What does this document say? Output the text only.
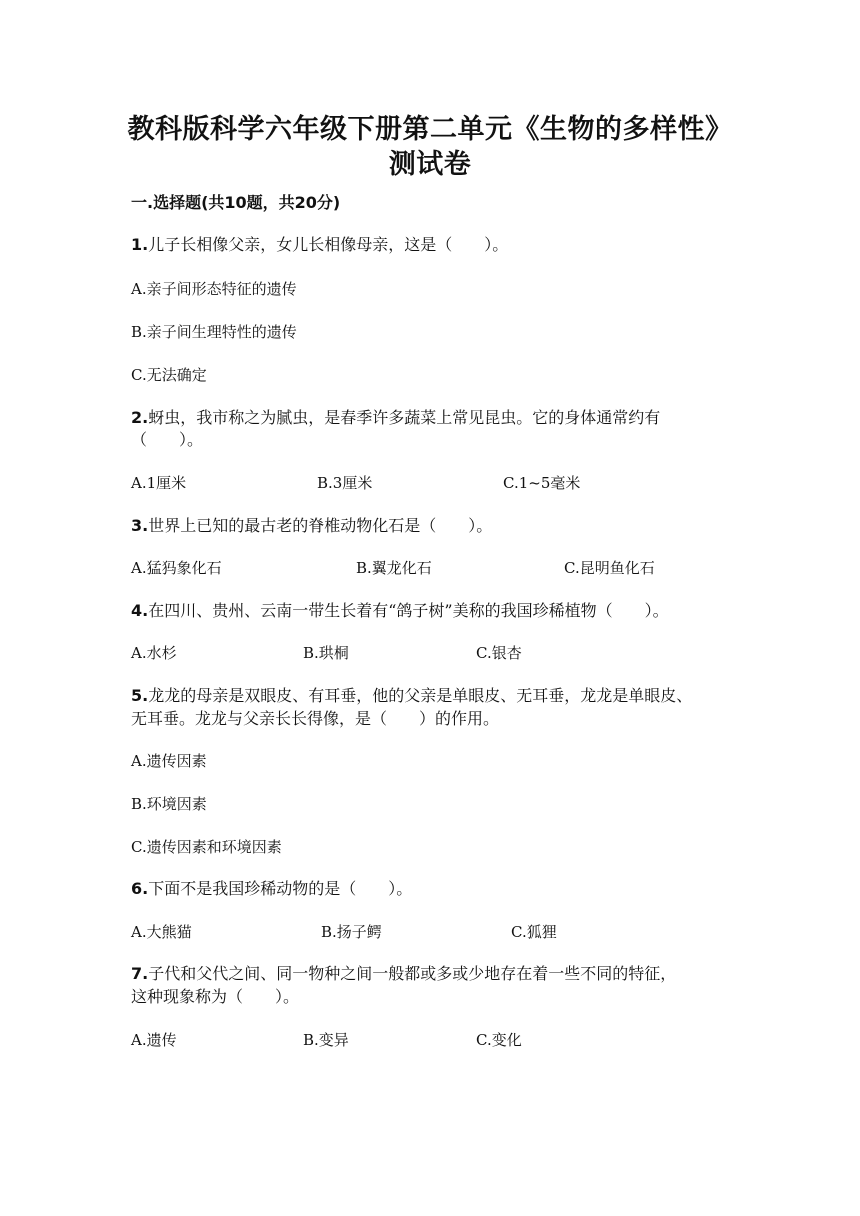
教科版科学六年级下册第二单元《生物的多样性》
测试卷
一.选择题(共10题，共20分)
1.儿子长相像父亲，女儿长相像母亲，这是（　　）。
A.亲子间形态特征的遗传
B.亲子间生理特性的遗传
C.无法确定
2.蚜虫，我市称之为腻虫，是春季许多蔬菜上常见昆虫。它的身体通常约有
（　　）。
A.1厘米	B.3厘米	C.1~5毫米
3.世界上已知的最古老的脊椎动物化石是（　　）。
A.猛犸象化石	B.翼龙化石	C.昆明鱼化石
4.在四川、贵州、云南一带生长着有“鸽子树”美称的我国珍稀植物（　　）。
A.水杉	B.珙桐	C.银杏
5.龙龙的母亲是双眼皮、有耳垂，他的父亲是单眼皮、无耳垂，龙龙是单眼皮、
无耳垂。龙龙与父亲长长得像，是（　　）的作用。
A.遗传因素
B.环境因素
C.遗传因素和环境因素
6.下面不是我国珍稀动物的是（　　）。
A.大熊猫	B.扬子鳄	C.狐狸
7.子代和父代之间、同一物种之间一般都或多或少地存在着一些不同的特征，
这种现象称为（　　）。
A.遗传	B.变异	C.变化
